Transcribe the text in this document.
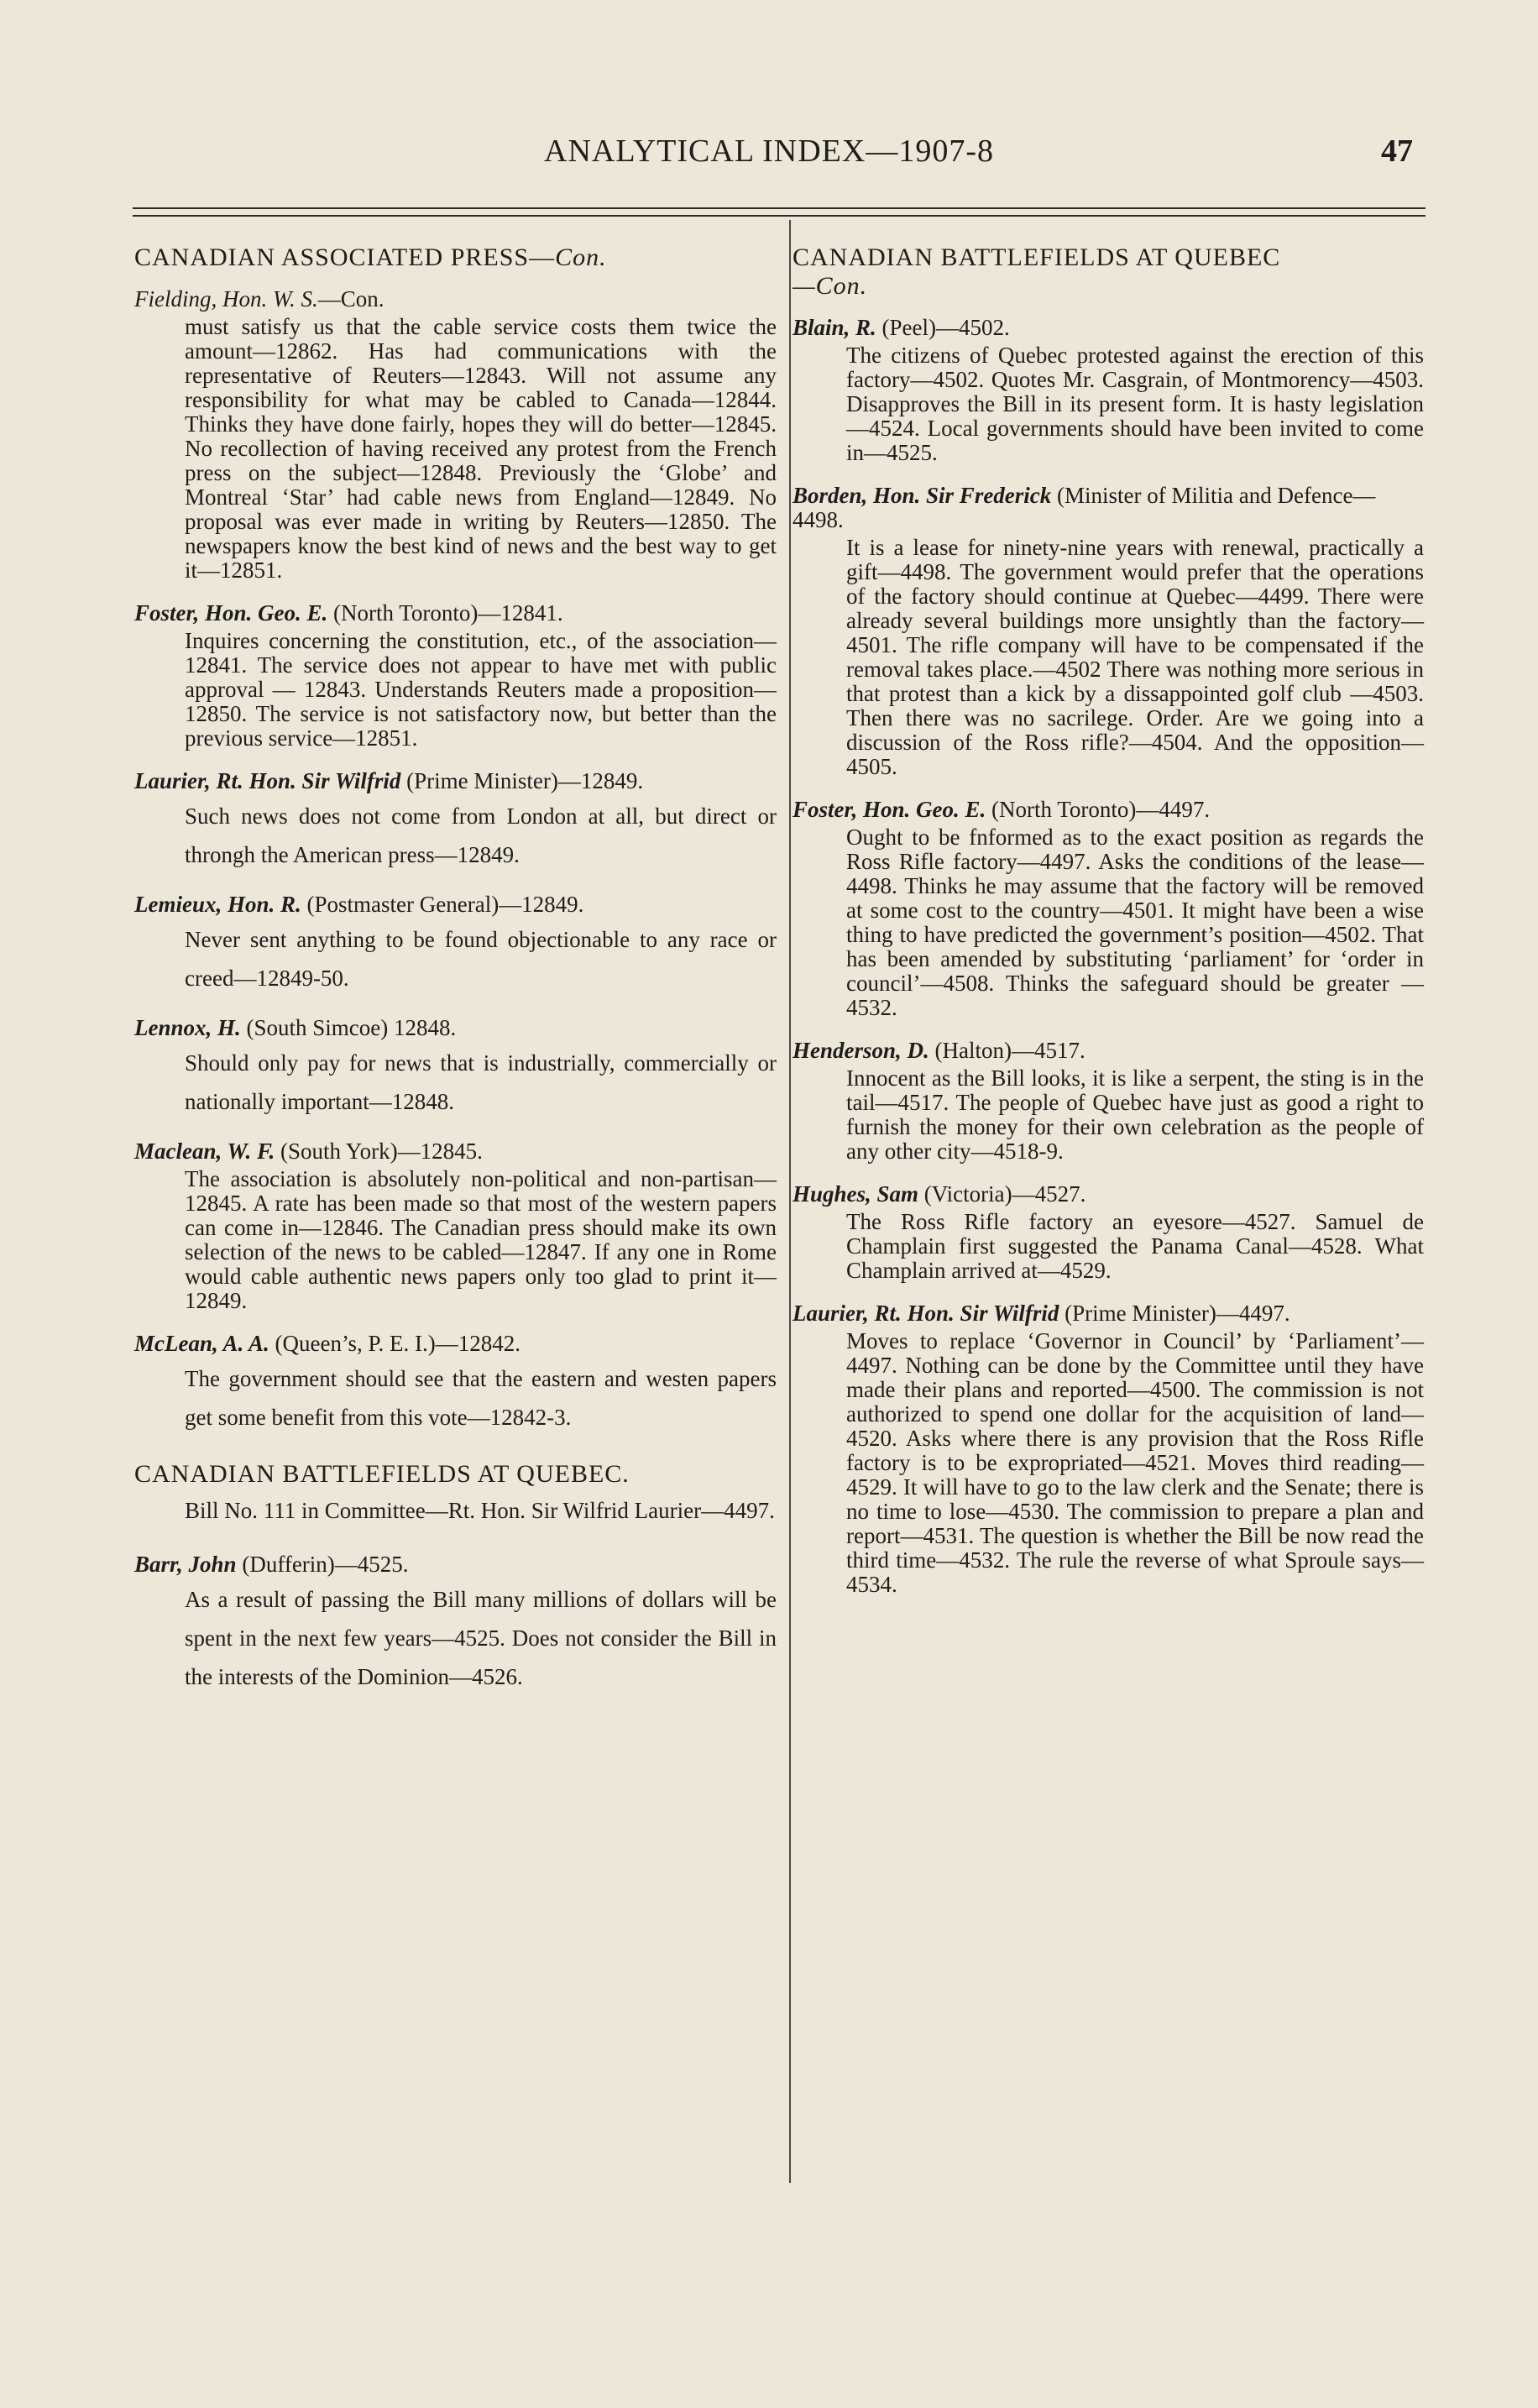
ANALYTICAL INDEX—1907-8	47
CANADIAN ASSOCIATED PRESS—Con.
Fielding, Hon. W. S.—Con.
must satisfy us that the cable service costs them twice the amount—12862. Has had communications with the representative of Reuters—12843. Will not assume any responsibility for what may be cabled to Canada—12844. Thinks they have done fairly, hopes they will do better—12845. No recollection of having received any protest from the French press on the subject—12848. Previously the ‘Globe’ and Montreal ‘Star’ had cable news from England—12849. No proposal was ever made in writing by Reuters—12850. The newspapers know the best kind of news and the best way to get it—12851.
Foster, Hon. Geo. E. (North Toronto)—12841.
Inquires concerning the constitution, etc., of the association—12841. The service does not appear to have met with public approval — 12843. Understands Reuters made a proposition—12850. The service is not satisfactory now, but better than the previous service—12851.
Laurier, Rt. Hon. Sir Wilfrid (Prime Minister)—12849.
Such news does not come from London at all, but direct or throngh the American press—12849.
Lemieux, Hon. R. (Postmaster General)—12849.
Never sent anything to be found objectionable to any race or creed—12849-50.
Lennox, H. (South Simcoe) 12848.
Should only pay for news that is industrially, commercially or nationally important—12848.
Maclean, W. F. (South York)—12845.
The association is absolutely non-political and non-partisan—12845. A rate has been made so that most of the western papers can come in—12846. The Canadian press should make its own selection of the news to be cabled—12847. If any one in Rome would cable authentic news papers only too glad to print it—12849.
McLean, A. A. (Queen’s, P. E. I.)—12842.
The government should see that the eastern and westen papers get some benefit from this vote—12842-3.
CANADIAN BATTLEFIELDS AT QUEBEC.
Bill No. 111 in Committee—Rt. Hon. Sir Wilfrid Laurier—4497.
Barr, John (Dufferin)—4525.
As a result of passing the Bill many millions of dollars will be spent in the next few years—4525. Does not consider the Bill in the interests of the Dominion—4526.
CANADIAN BATTLEFIELDS AT QUEBEC
—Con.
Blain, R. (Peel)—4502.
The citizens of Quebec protested against the erection of this factory—4502. Quotes Mr. Casgrain, of Montmorency—4503. Disapproves the Bill in its present form. It is hasty legislation—4524. Local governments should have been invited to come in—4525.
Borden, Hon. Sir Frederick (Minister of Militia and Defence—4498.
It is a lease for ninety-nine years with renewal, practically a gift—4498. The government would prefer that the operations of the factory should continue at Quebec—4499. There were already several buildings more unsightly than the factory—4501. The rifle company will have to be compensated if the removal takes place.—4502 There was nothing more serious in that protest than a kick by a dissappointed golf club —4503. Then there was no sacrilege. Order. Are we going into a discussion of the Ross rifle?—4504. And the opposition—4505.
Foster, Hon. Geo. E. (North Toronto)—4497.
Ought to be fnformed as to the exact position as regards the Ross Rifle factory—4497. Asks the conditions of the lease—4498. Thinks he may assume that the factory will be removed at some cost to the country—4501. It might have been a wise thing to have predicted the government’s position—4502. That has been amended by substituting ‘parliament’ for ‘order in council’—4508. Thinks the safeguard should be greater —4532.
Henderson, D. (Halton)—4517.
Innocent as the Bill looks, it is like a serpent, the sting is in the tail—4517. The people of Quebec have just as good a right to furnish the money for their own celebration as the people of any other city—4518-9.
Hughes, Sam (Victoria)—4527.
The Ross Rifle factory an eyesore—4527. Samuel de Champlain first suggested the Panama Canal—4528. What Champlain arrived at—4529.
Laurier, Rt. Hon. Sir Wilfrid (Prime Minister)—4497.
Moves to replace ‘Governor in Council’ by ‘Parliament’—4497. Nothing can be done by the Committee until they have made their plans and reported—4500. The commission is not authorized to spend one dollar for the acquisition of land—4520. Asks where there is any provision that the Ross Rifle factory is to be expropriated—4521. Moves third reading—4529. It will have to go to the law clerk and the Senate; there is no time to lose—4530. The commission to prepare a plan and report—4531. The question is whether the Bill be now read the third time—4532. The rule the reverse of what Sproule says—4534.
